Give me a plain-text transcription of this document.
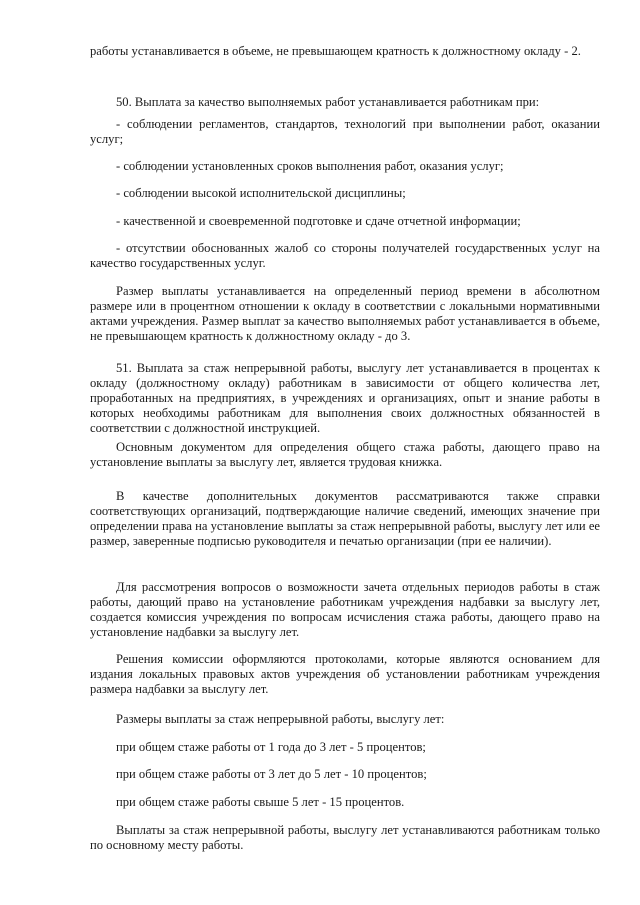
работы устанавливается в объеме, не превышающем кратность к должностному окладу - 2.

50. Выплата за качество выполняемых работ устанавливается работникам при:

- соблюдении регламентов, стандартов, технологий при выполнении работ, оказании услуг;

- соблюдении установленных сроков выполнения работ, оказания услуг;

- соблюдении высокой исполнительской дисциплины;

- качественной и своевременной подготовке и сдаче отчетной информации;

- отсутствии обоснованных жалоб со стороны получателей государственных услуг на качество государственных услуг.

Размер выплаты устанавливается на определенный период времени в абсолютном размере или в процентном отношении к окладу в соответствии с локальными нормативными актами учреждения. Размер выплат за качество выполняемых работ устанавливается в объеме, не превышающем кратность к должностному окладу - до 3.

51. Выплата за стаж непрерывной работы, выслугу лет устанавливается в процентах к окладу (должностному окладу) работникам в зависимости от общего количества лет, проработанных на предприятиях, в учреждениях и организациях, опыт и знание работы в которых необходимы работникам для выполнения своих должностных обязанностей в соответствии с должностной инструкцией.

Основным документом для определения общего стажа работы, дающего право на установление выплаты за выслугу лет, является трудовая книжка.

В качестве дополнительных документов рассматриваются также справки соответствующих организаций, подтверждающие наличие сведений, имеющих значение при определении права на установление выплаты за стаж непрерывной работы, выслугу лет или ее размер, заверенные подписью руководителя и печатью организации (при ее наличии).

Для рассмотрения вопросов о возможности зачета отдельных периодов работы в стаж работы, дающий право на установление работникам учреждения надбавки за выслугу лет, создается комиссия учреждения по вопросам исчисления стажа работы, дающего право на установление надбавки за выслугу лет.

Решения комиссии оформляются протоколами, которые являются основанием для издания локальных правовых актов учреждения об установлении работникам учреждения размера надбавки за выслугу лет.

Размеры выплаты за стаж непрерывной работы, выслугу лет:

при общем стаже работы от 1 года до 3 лет - 5 процентов;

при общем стаже работы от 3 лет до 5 лет - 10 процентов;

при общем стаже работы свыше 5 лет - 15 процентов.

Выплаты за стаж непрерывной работы, выслугу лет устанавливаются работникам только по основному месту работы.
